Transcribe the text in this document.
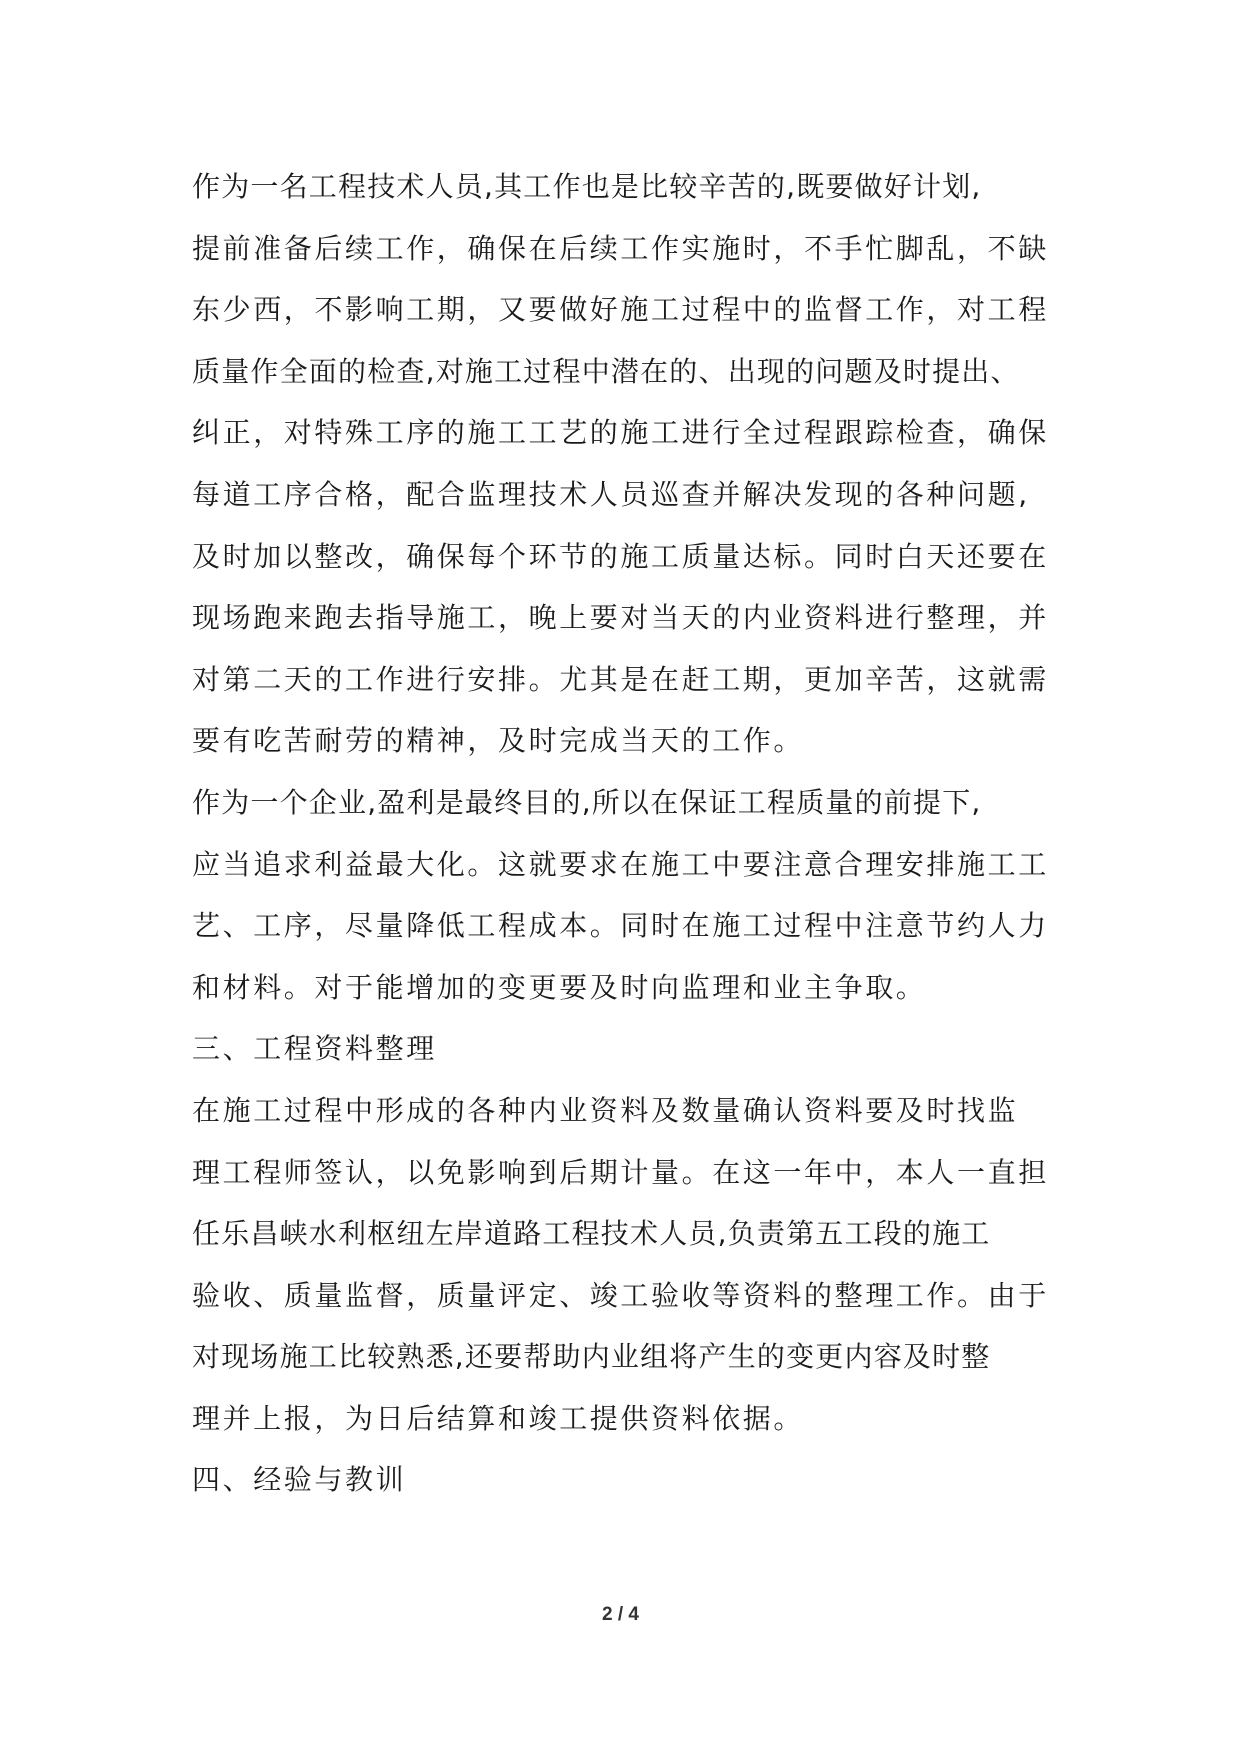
作为一名工程技术人员,其工作也是比较辛苦的,既要做好计划,
提前准备后续工作，确保在后续工作实施时，不手忙脚乱，不缺
东少西，不影响工期，又要做好施工过程中的监督工作，对工程
质量作全面的检查,对施工过程中潜在的、出现的问题及时提出、
纠正，对特殊工序的施工工艺的施工进行全过程跟踪检查，确保
每道工序合格，配合监理技术人员巡查并解决发现的各种问题,
及时加以整改，确保每个环节的施工质量达标。同时白天还要在
现场跑来跑去指导施工，晚上要对当天的内业资料进行整理，并
对第二天的工作进行安排。尤其是在赶工期，更加辛苦，这就需
要有吃苦耐劳的精神，及时完成当天的工作。
作为一个企业,盈利是最终目的,所以在保证工程质量的前提下,
应当追求利益最大化。这就要求在施工中要注意合理安排施工工
艺、工序，尽量降低工程成本。同时在施工过程中注意节约人力
和材料。对于能增加的变更要及时向监理和业主争取。
三、工程资料整理
在施工过程中形成的各种内业资料及数量确认资料要及时找监
理工程师签认，以免影响到后期计量。在这一年中，本人一直担
任乐昌峡水利枢纽左岸道路工程技术人员,负责第五工段的施工
验收、质量监督，质量评定、竣工验收等资料的整理工作。由于
对现场施工比较熟悉,还要帮助内业组将产生的变更内容及时整
理并上报，为日后结算和竣工提供资料依据。
四、经验与教训
2 / 4
